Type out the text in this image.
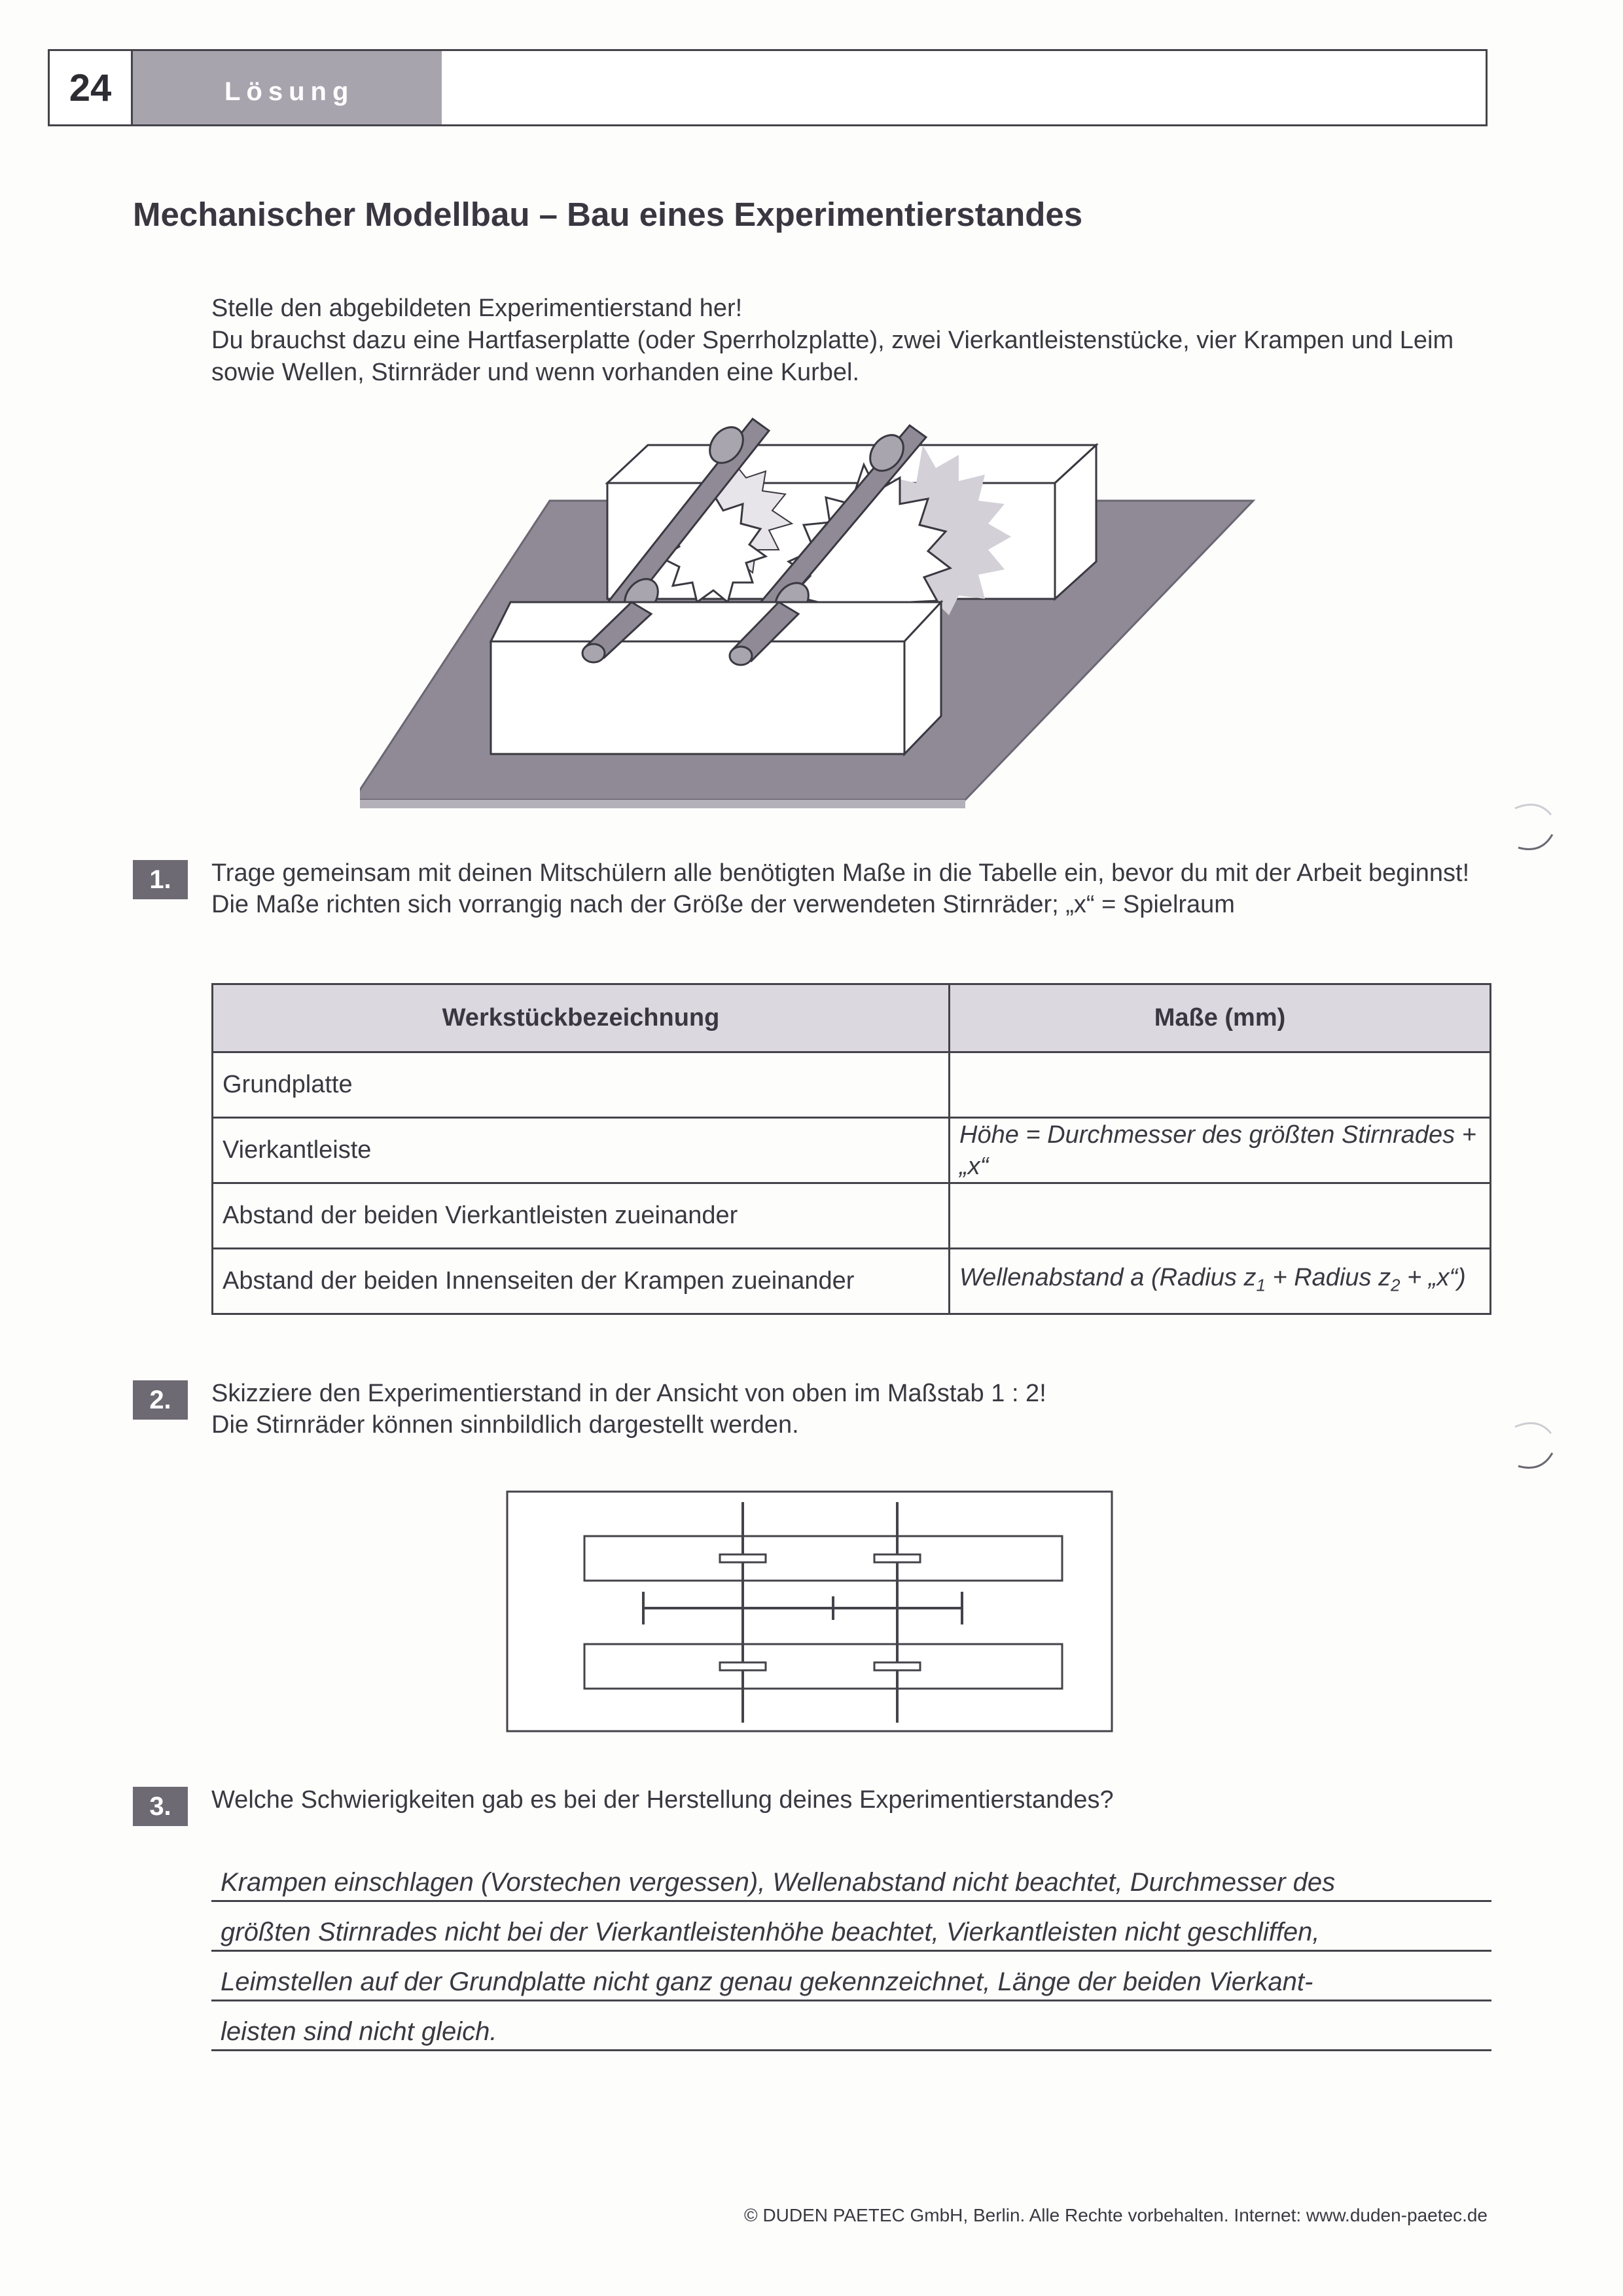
24	Lösung
Mechanischer Modellbau – Bau eines Experimentierstandes

Stelle den abgebildeten Experimentierstand her!

Du brauchst dazu eine Hartfaserplatte (oder Sperrholzplatte), zwei Vierkantleistenstücke, vier Krampen und Leim sowie Wellen, Stirnräder und wenn vorhanden eine Kurbel.

1.	Trage gemeinsam mit deinen Mitschülern alle benötigten Maße in die Tabelle ein, bevor du mit der Arbeit beginnst!

Die Maße richten sich vorrangig nach der Größe der verwendeten Stirnräder; „x“ = Spielraum

Werkstückbezeichnung	Maße (mm)
Grundplatte	
Vierkantleiste	Höhe = Durchmesser des größten Stirnrades + „x“
Abstand der beiden Vierkantleisten zueinander	
Abstand der beiden Innenseiten der Krampen zueinander	Wellenabstand a (Radius $z_1$ + Radius $z_2$ + „x“)
2.	Skizziere den Experimentierstand in der Ansicht von oben im Maßstab 1 : 2!

Die Stirnräder können sinnbildlich dargestellt werden.

3.	Welche Schwierigkeiten gab es bei der Herstellung deines Experimentierstandes?

Krampen einschlagen (Vorstechen vergessen), Wellenabstand nicht beachtet, Durchmesser des
größten Stirnrades nicht bei der Vierkantleistenhöhe beachtet, Vierkantleisten nicht geschliffen,
Leimstellen auf der Grundplatte nicht ganz genau gekennzeichnet, Länge der beiden Vierkant-
leisten sind nicht gleich.
© DUDEN PAETEC GmbH, Berlin. Alle Rechte vorbehalten. Internet: www.duden-paetec.de
